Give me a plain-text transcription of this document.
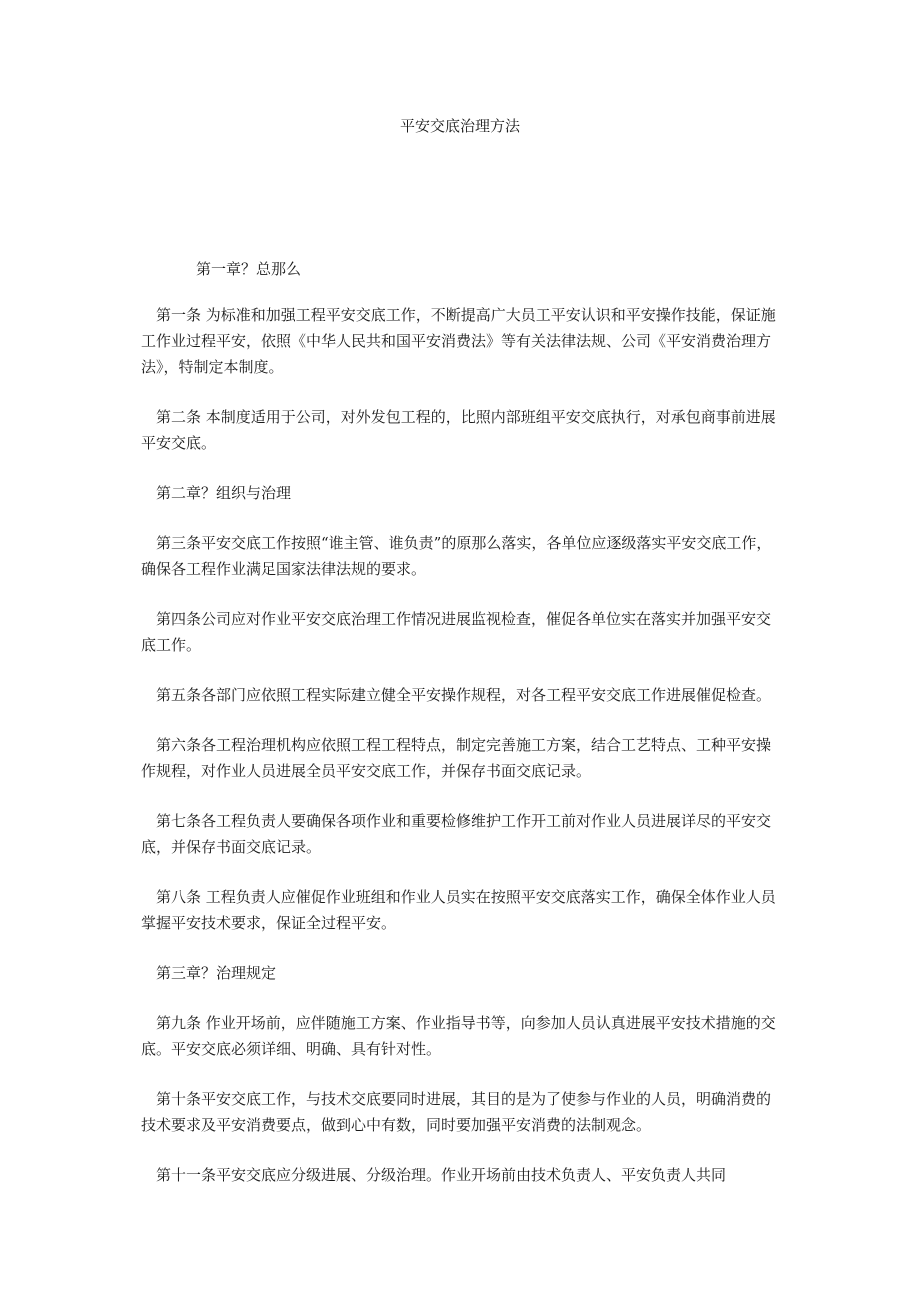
平安交底治理方法
第一章？总那么

第一条 为标准和加强工程平安交底工作，不断提高广大员工平安认识和平安操作技能，保证施工作业过程平安，依照《中华人民共和国平安消费法》等有关法律法规、公司《平安消费治理方法》，特制定本制度。

第二条 本制度适用于公司，对外发包工程的，比照内部班组平安交底执行，对承包商事前进展平安交底。

第二章？组织与治理

第三条平安交底工作按照“谁主管、谁负责”的原那么落实，各单位应逐级落实平安交底工作，确保各工程作业满足国家法律法规的要求。

第四条公司应对作业平安交底治理工作情况进展监视检查，催促各单位实在落实并加强平安交底工作。

第五条各部门应依照工程实际建立健全平安操作规程，对各工程平安交底工作进展催促检查。

第六条各工程治理机构应依照工程工程特点，制定完善施工方案，结合工艺特点、工种平安操作规程，对作业人员进展全员平安交底工作，并保存书面交底记录。

第七条各工程负责人要确保各项作业和重要检修维护工作开工前对作业人员进展详尽的平安交底，并保存书面交底记录。

第八条 工程负责人应催促作业班组和作业人员实在按照平安交底落实工作，确保全体作业人员掌握平安技术要求，保证全过程平安。

第三章？治理规定

第九条 作业开场前，应伴随施工方案、作业指导书等，向参加人员认真进展平安技术措施的交底。平安交底必须详细、明确、具有针对性。

第十条平安交底工作，与技术交底要同时进展，其目的是为了使参与作业的人员，明确消费的技术要求及平安消费要点，做到心中有数，同时要加强平安消费的法制观念。

第十一条平安交底应分级进展、分级治理。作业开场前由技术负责人、平安负责人共同
